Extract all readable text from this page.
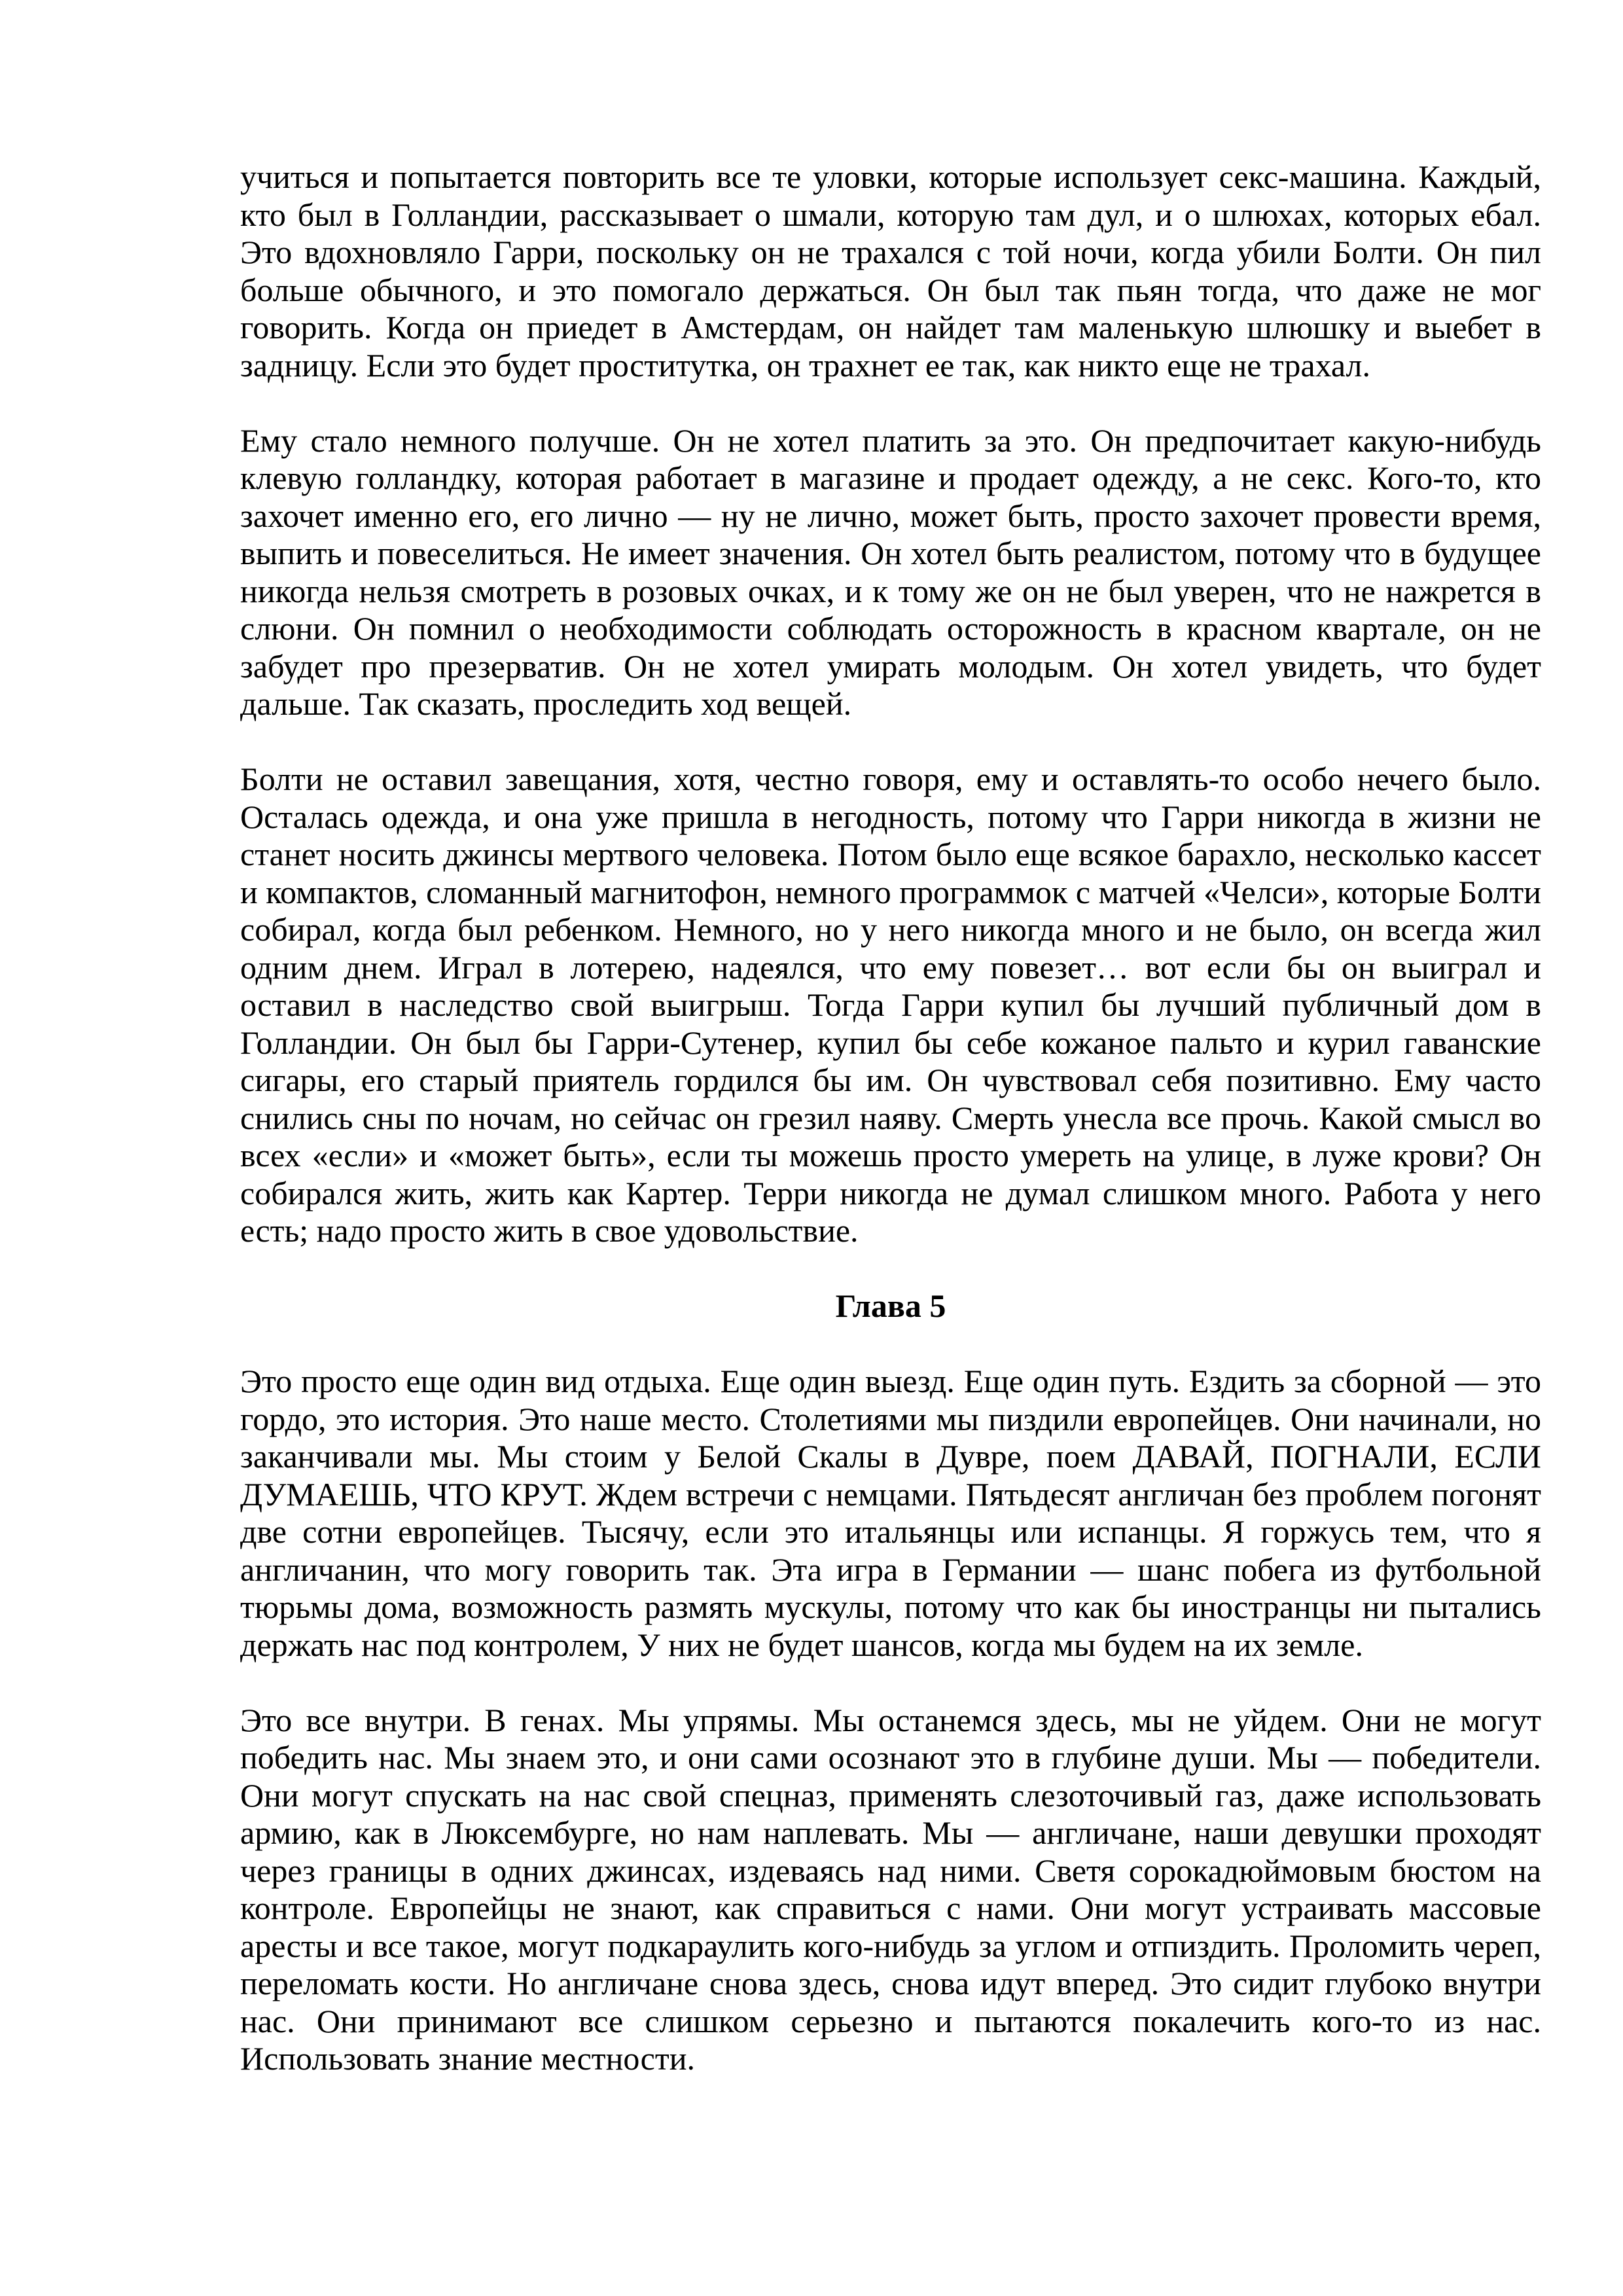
учиться и попытается повторить все те уловки, которые использует секс-машина. Каждый, кто был в Голландии, рассказывает о шмали, которую там дул, и о шлюхах, которых ебал. Это вдохновляло Гарри, поскольку он не трахался с той ночи, когда убили Болти. Он пил больше обычного, и это помогало держаться. Он был так пьян тогда, что даже не мог говорить. Когда он приедет в Амстердам, он найдет там маленькую шлюшку и выебет в задницу. Если это будет проститутка, он трахнет ее так, как никто еще не трахал.

Ему стало немного получше. Он не хотел платить за это. Он предпочитает какую-нибудь клевую голландку, которая работает в магазине и продает одежду, а не секс. Кого-то, кто захочет именно его, его лично — ну не лично, может быть, просто захочет провести время, выпить и повеселиться. Не имеет значения. Он хотел быть реалистом, потому что в будущее никогда нельзя смотреть в розовых очках, и к тому же он не был уверен, что не нажрется в слюни. Он помнил о необходимости соблюдать осторожность в красном квартале, он не забудет про презерватив. Он не хотел умирать молодым. Он хотел увидеть, что будет дальше. Так сказать, проследить ход вещей.

Болти не оставил завещания, хотя, честно говоря, ему и оставлять-то особо нечего было. Осталась одежда, и она уже пришла в негодность, потому что Гарри никогда в жизни не станет носить джинсы мертвого человека. Потом было еще всякое барахло, несколько кассет и компактов, сломанный магнитофон, немного программок с матчей «Челси», которые Болти собирал, когда был ребенком. Немного, но у него никогда много и не было, он всегда жил одним днем. Играл в лотерею, надеялся, что ему повезет… вот если бы он выиграл и оставил в наследство свой выигрыш. Тогда Гарри купил бы лучший публичный дом в Голландии. Он был бы Гарри-Сутенер, купил бы себе кожаное пальто и курил гаванские сигары, его старый приятель гордился бы им. Он чувствовал себя позитивно. Ему часто снились сны по ночам, но сейчас он грезил наяву. Смерть унесла все прочь. Какой смысл во всех «если» и «может быть», если ты можешь просто умереть на улице, в луже крови? Он собирался жить, жить как Картер. Терри никогда не думал слишком много. Работа у него есть; надо просто жить в свое удовольствие.

Глава 5

Это просто еще один вид отдыха. Еще один выезд. Еще один путь. Ездить за сборной — это гордо, это история. Это наше место. Столетиями мы пиздили европейцев. Они начинали, но заканчивали мы. Мы стоим у Белой Скалы в Дувре, поем ДАВАЙ, ПОГНАЛИ, ЕСЛИ ДУМАЕШЬ, ЧТО КРУТ. Ждем встречи с немцами. Пятьдесят англичан без проблем погонят две сотни европейцев. Тысячу, если это итальянцы или испанцы. Я горжусь тем, что я англичанин, что могу говорить так. Эта игра в Германии — шанс побега из футбольной тюрьмы дома, возможность размять мускулы, потому что как бы иностранцы ни пытались держать нас под контролем, У них не будет шансов, когда мы будем на их земле.

Это все внутри. В генах. Мы упрямы. Мы останемся здесь, мы не уйдем. Они не могут победить нас. Мы знаем это, и они сами осознают это в глубине души. Мы — победители. Они могут спускать на нас свой спецназ, применять слезоточивый газ, даже использовать армию, как в Люксембурге, но нам наплевать. Мы — англичане, наши девушки проходят через границы в одних джинсах, издеваясь над ними. Светя сорокадюймовым бюстом на контроле. Европейцы не знают, как справиться с нами. Они могут устраивать массовые аресты и все такое, могут подкараулить кого-нибудь за углом и отпиздить. Проломить череп, переломать кости. Но англичане снова здесь, снова идут вперед. Это сидит глубоко внутри нас. Они принимают все слишком серьезно и пытаются покалечить кого-то из нас. Использовать знание местности.
